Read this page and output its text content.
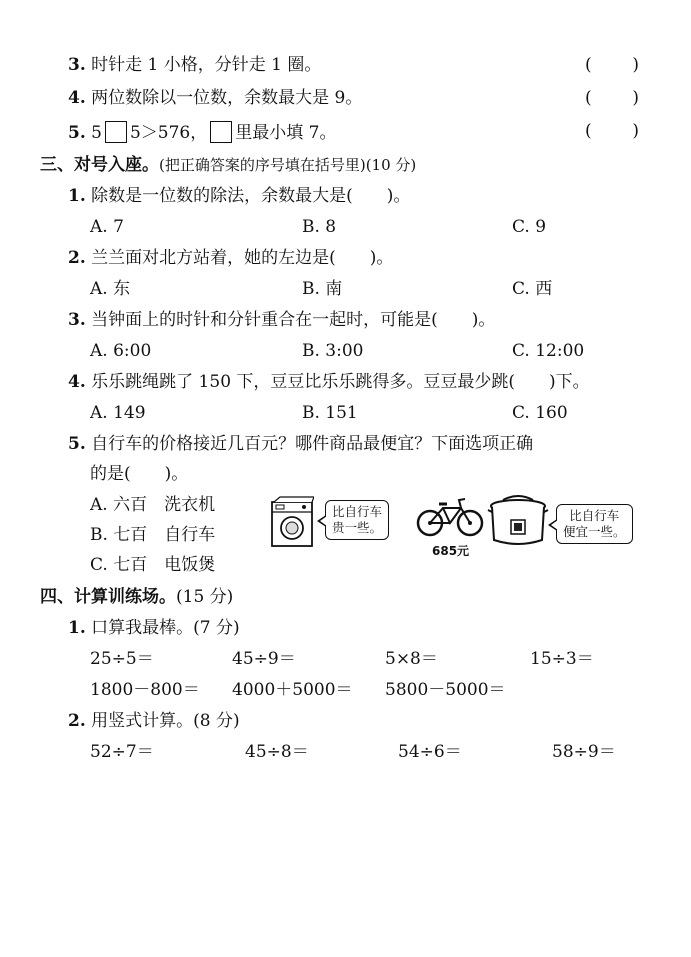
3. 时针走 1 小格，分针走 1 圈。	( )
4. 两位数除以一位数，余数最大是 9。	( )
5. 5 5＞576， 里最小填 7。	( )
三、对号入座。(把正确答案的序号填在括号里)(10 分)
1. 除数是一位数的除法，余数最大是(　　)。
A. 7	B. 8	C. 9
2. 兰兰面对北方站着，她的左边是(　　)。
A. 东	B. 南	C. 西
3. 当钟面上的时针和分针重合在一起时，可能是(　　)。
A. 6:00	B. 3:00	C. 12:00
4. 乐乐跳绳跳了 150 下，豆豆比乐乐跳得多。豆豆最少跳(　　)下。
A. 149	B. 151	C. 160
5. 自行车的价格接近几百元？哪件商品最便宜？下面选项正确
的是(　　)。
A. 六百　洗衣机
B. 七百　自行车
C. 七百　电饭煲
比自行车
贵一些。
685元
比自行车
便宜一些。
四、计算训练场。(15 分)
1. 口算我最棒。(7 分)
25÷5＝	45÷9＝	5×8＝	15÷3＝
1800－800＝ 4000＋5000＝ 5800－5000＝
2. 用竖式计算。(8 分)
52÷7＝	45÷8＝	54÷6＝	58÷9＝
